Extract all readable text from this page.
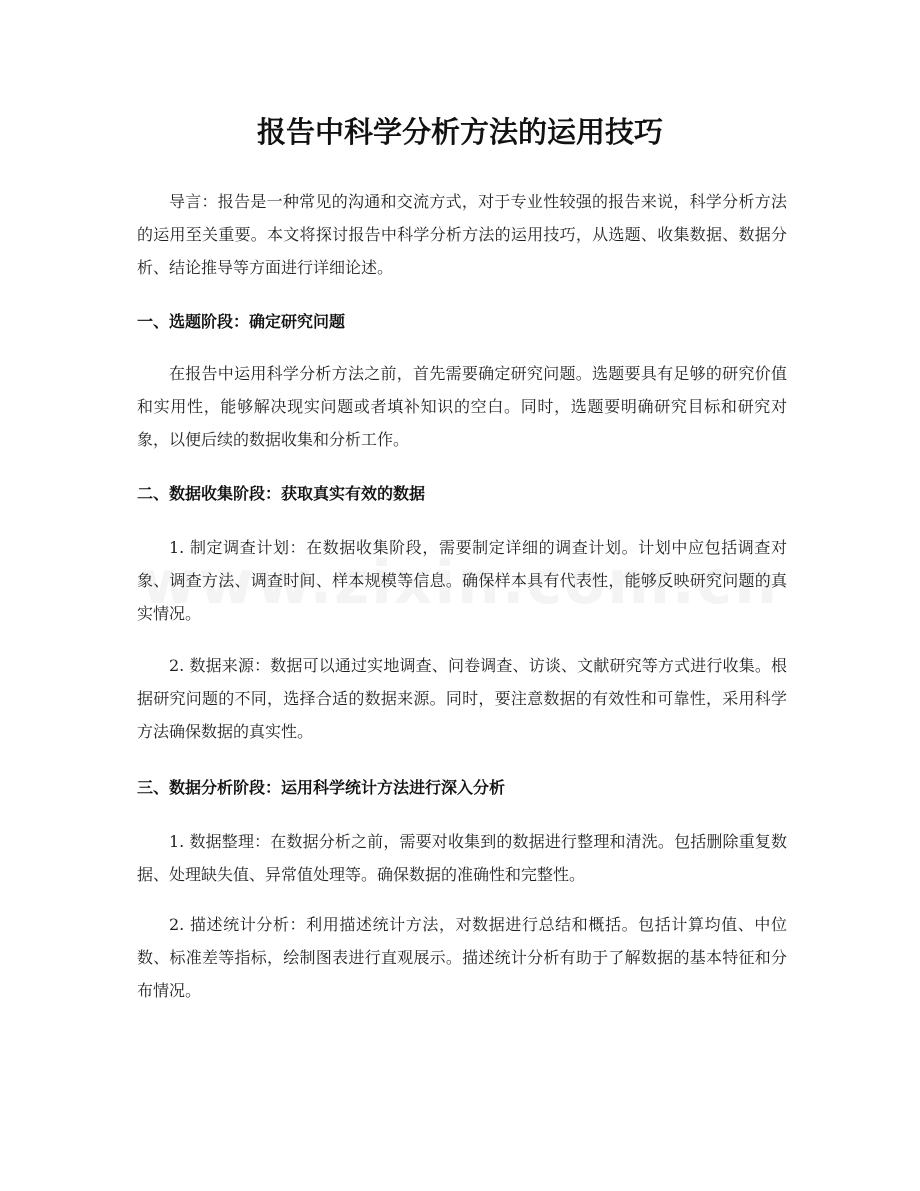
报告中科学分析方法的运用技巧

导言：报告是一种常见的沟通和交流方式，对于专业性较强的报告来说，科学分析方法的运用至关重要。本文将探讨报告中科学分析方法的运用技巧，从选题、收集数据、数据分析、结论推导等方面进行详细论述。

一、选题阶段：确定研究问题

在报告中运用科学分析方法之前，首先需要确定研究问题。选题要具有足够的研究价值和实用性，能够解决现实问题或者填补知识的空白。同时，选题要明确研究目标和研究对象，以便后续的数据收集和分析工作。

二、数据收集阶段：获取真实有效的数据

1. 制定调查计划：在数据收集阶段，需要制定详细的调查计划。计划中应包括调查对象、调查方法、调查时间、样本规模等信息。确保样本具有代表性，能够反映研究问题的真实情况。

2. 数据来源：数据可以通过实地调查、问卷调查、访谈、文献研究等方式进行收集。根据研究问题的不同，选择合适的数据来源。同时，要注意数据的有效性和可靠性，采用科学方法确保数据的真实性。

三、数据分析阶段：运用科学统计方法进行深入分析

1. 数据整理：在数据分析之前，需要对收集到的数据进行整理和清洗。包括删除重复数据、处理缺失值、异常值处理等。确保数据的准确性和完整性。

2. 描述统计分析：利用描述统计方法，对数据进行总结和概括。包括计算均值、中位数、标准差等指标，绘制图表进行直观展示。描述统计分析有助于了解数据的基本特征和分布情况。
